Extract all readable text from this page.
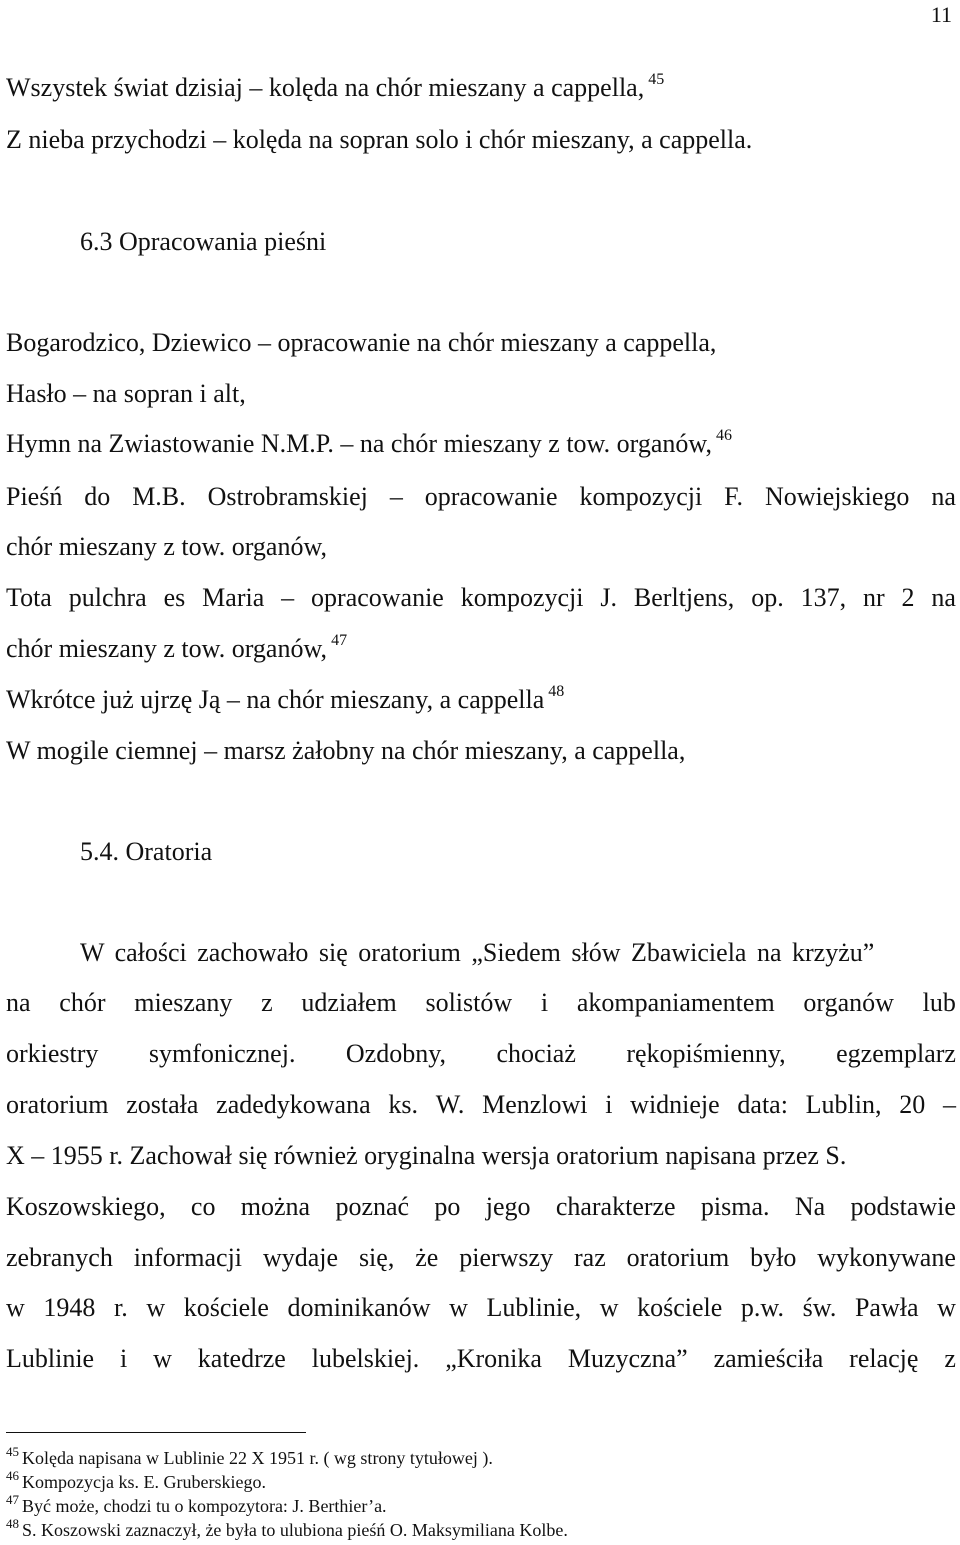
11
Wszystek świat dzisiaj – kolęda na chór mieszany a cappella, $^{45}$
Z nieba przychodzi – kolęda na sopran solo i chór mieszany, a cappella.
6.3 Opracowania pieśni
Bogarodzico, Dziewico – opracowanie na chór mieszany a cappella,
Hasło – na sopran i alt,
Hymn na Zwiastowanie N.M.P. – na chór mieszany z tow. organów, $^{46}$
Pieśń do M.B. Ostrobramskiej – opracowanie kompozycji F. Nowiejskiego na
chór mieszany z tow. organów,
Tota pulchra es Maria – opracowanie kompozycji J. Berltjens, op. 137, nr 2 na
chór mieszany z tow. organów, $^{47}$
Wkrótce już ujrzę Ją – na chór mieszany, a cappella $^{48}$
W mogile ciemnej – marsz żałobny na chór mieszany, a cappella,
5.4. Oratoria
W całości zachowało się oratorium „Siedem słów Zbawiciela na krzyżu”
na chór mieszany z udziałem solistów i akompaniamentem organów lub
orkiestry symfonicznej. Ozdobny, chociaż rękopiśmienny, egzemplarz
oratorium została zadedykowana ks. W. Menzlowi i widnieje data: Lublin, 20 –
X – 1955 r. Zachował się również oryginalna wersja oratorium napisana przez S.
Koszowskiego, co można poznać po jego charakterze pisma. Na podstawie
zebranych informacji wydaje się, że pierwszy raz oratorium było wykonywane
w 1948 r. w kościele dominikanów w Lublinie, w kościele p.w. św. Pawła w
Lublinie i w katedrze lubelskiej. „Kronika Muzyczna” zamieściła relację z
$^{45}$ Kolęda napisana w Lublinie 22 X 1951 r. ( wg strony tytułowej ).
$^{46}$ Kompozycja ks. E. Gruberskiego.
$^{47}$ Być może, chodzi tu o kompozytora: J. Berthier’a.
$^{48}$ S. Koszowski zaznaczył, że była to ulubiona pieśń O. Maksymiliana Kolbe.
